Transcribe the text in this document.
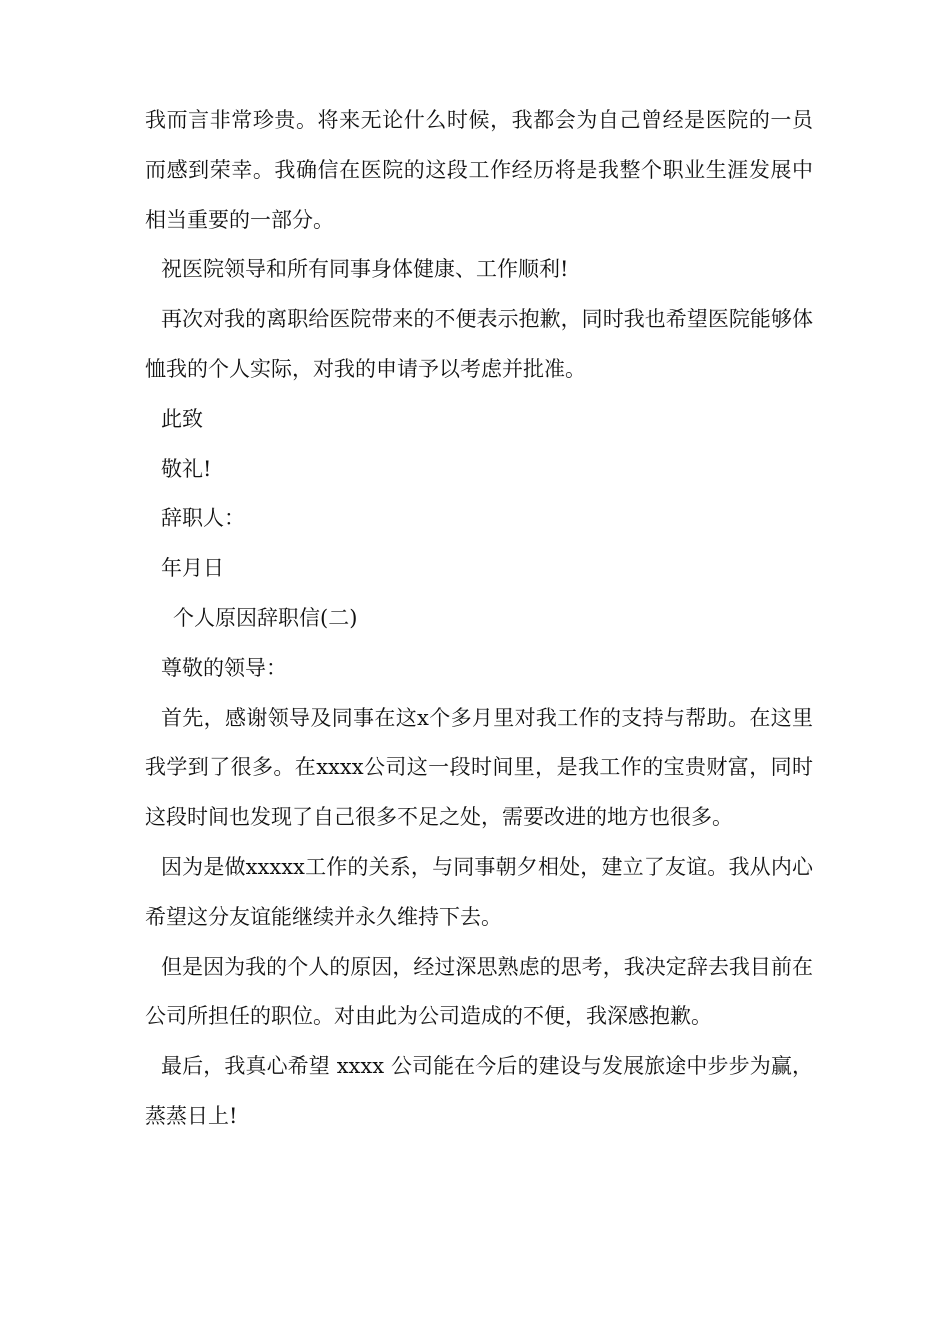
我而言非常珍贵。将来无论什么时候，我都会为自己曾经是医院的一员而感到荣幸。我确信在医院的这段工作经历将是我整个职业生涯发展中相当重要的一部分。

祝医院领导和所有同事身体健康、工作顺利!

再次对我的离职给医院带来的不便表示抱歉，同时我也希望医院能够体恤我的个人实际，对我的申请予以考虑并批准。

此致

敬礼!

辞职人：

年月日

个人原因辞职信(二)

尊敬的领导：

首先，感谢领导及同事在这x个多月里对我工作的支持与帮助。在这里我学到了很多。在xxxx公司这一段时间里，是我工作的宝贵财富，同时这段时间也发现了自己很多不足之处，需要改进的地方也很多。

因为是做xxxxx工作的关系，与同事朝夕相处，建立了友谊。我从内心希望这分友谊能继续并永久维持下去。

但是因为我的个人的原因，经过深思熟虑的思考，我决定辞去我目前在公司所担任的职位。对由此为公司造成的不便，我深感抱歉。

最后，我真心希望 xxxx 公司能在今后的建设与发展旅途中步步为赢，蒸蒸日上!
